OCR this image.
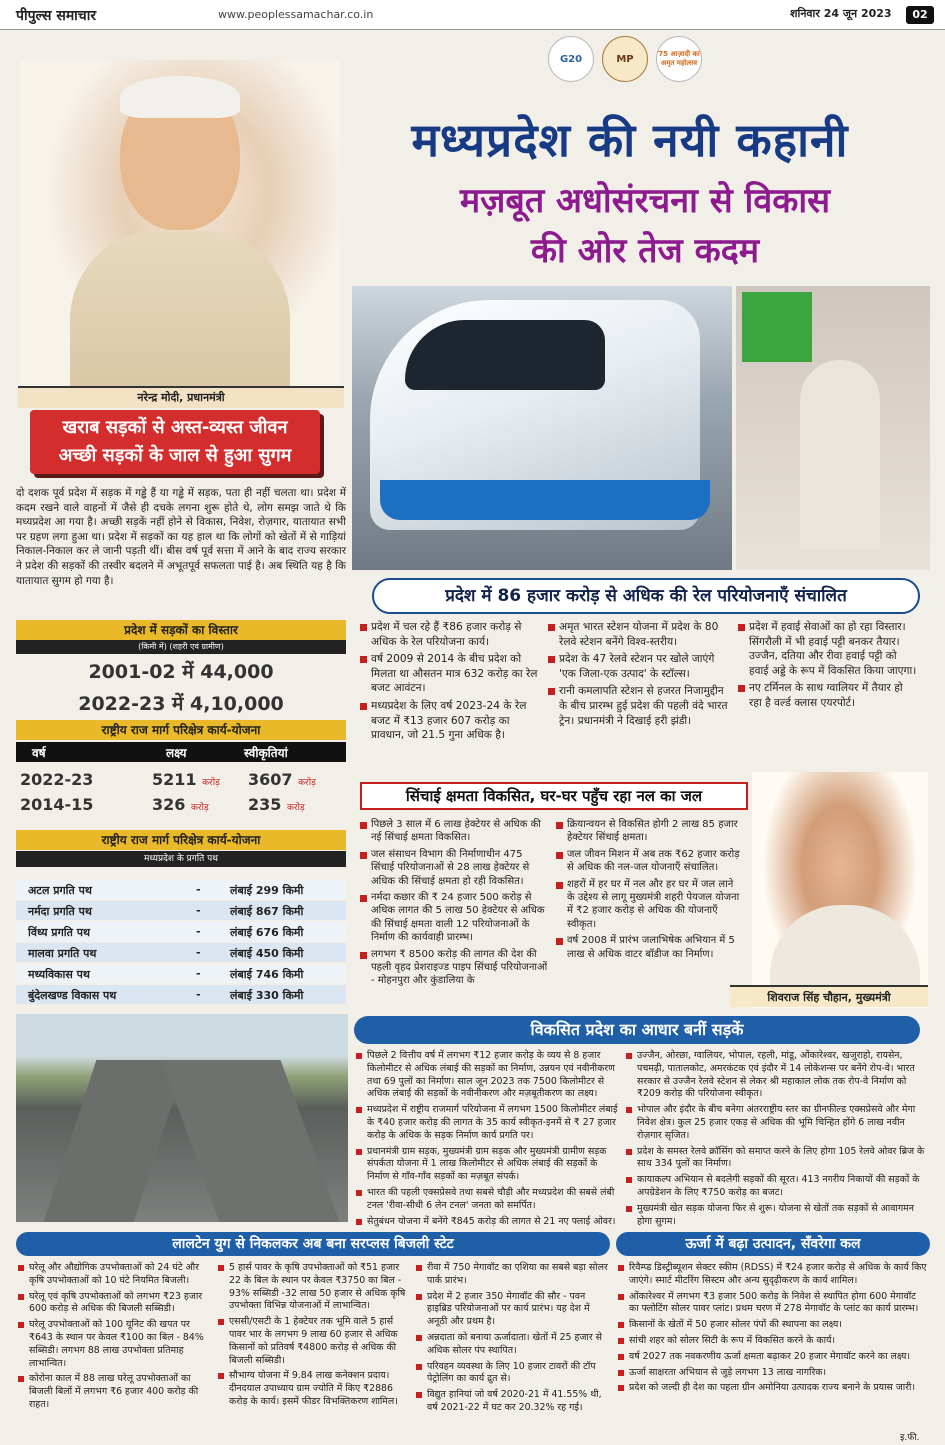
पीपुल्स समाचार	www.peoplessamachar.co.in	शनिवार 24 जून 2023	02
G20	MP	75 आज़ादी का अमृत महोत्सव
मध्यप्रदेश की नयी कहानी
मज़बूत अधोसंरचना से विकास
की ओर तेज कदम
नरेन्द्र मोदी, प्रधानमंत्री
खराब सड़कों से अस्त-व्यस्त जीवन
अच्छी सड़कों के जाल से हुआ सुगम
दो दशक पूर्व प्रदेश में सड़क में गड्ढे हैं या गड्ढे में सड़क, पता ही नहीं चलता था। प्रदेश में कदम रखने वाले वाहनों में जैसे ही दचके लगना शुरू होते थे, लोग समझ जाते थे कि मध्यप्रदेश आ गया है। अच्छी सड़कें नहीं होने से विकास, निवेश, रोज़गार, यातायात सभी पर ग्रहण लगा हुआ था। प्रदेश में सड़कों का यह हाल था कि लोगों को खेतों में से गाड़ियां निकाल-निकाल कर ले जानी पड़ती थीं। बीस वर्ष पूर्व सत्ता में आने के बाद राज्य सरकार ने प्रदेश की सड़कों की तस्वीर बदलने में अभूतपूर्व सफलता पाई है। अब स्थिति यह है कि यातायात सुगम हो गया है।
प्रदेश में 86 हजार करोड़ से अधिक की रेल परियोजनाएँ संचालित
प्रदेश में चल रहे हैं ₹86 हजार करोड़ से अधिक के रेल परियोजना कार्य।
वर्ष 2009 से 2014 के बीच प्रदेश को मिलता था औसतन मात्र 632 करोड़ का रेल बजट आवंटन।
मध्यप्रदेश के लिए वर्ष 2023-24 के रेल बजट में ₹13 हजार 607 करोड़ का प्रावधान, जो 21.5 गुना अधिक है।
अमृत भारत स्टेशन योजना में प्रदेश के 80 रेलवे स्टेशन बनेंगे विश्व-स्तरीय।
प्रदेश के 47 रेलवे स्टेशन पर खोले जाएंगे 'एक जिला-एक उत्पाद' के स्टॉल्स।
रानी कमलापति स्टेशन से हजरत निजामुद्दीन के बीच प्रारम्भ हुई प्रदेश की पहली वंदे भारत ट्रेन। प्रधानमंत्री ने दिखाई हरी झंडी।
प्रदेश में हवाई सेवाओं का हो रहा विस्तार। सिंगरौली में भी हवाई पट्टी बनकर तैयार। उज्जैन, दतिया और रीवा हवाई पट्टी को हवाई अड्डे के रूप में विकसित किया जाएगा।
नए टर्मिनल के साथ ग्वालियर में तैयार हो रहा है वर्ल्ड क्लास एयरपोर्ट।
प्रदेश में सड़कों का विस्तार
(किमी में) (शहरी एवं ग्रामीण)
2001-02 में 44,000
2022-23 में 4,10,000
राष्ट्रीय राज मार्ग परिक्षेत्र कार्य-योजना
वर्ष	लक्ष्य	स्वीकृतियां
2022-23	5211 करोड़ 3607 करोड़
2014-15	326 करोड़ 235 करोड़
राष्ट्रीय राज मार्ग परिक्षेत्र कार्य-योजना
मध्यप्रदेश के प्रगति पथ
अटल प्रगति पथ	-	लंबाई 299 किमी
नर्मदा प्रगति पथ	-	लंबाई 867 किमी
विंध्य प्रगति पथ	-	लंबाई 676 किमी
मालवा प्रगति पथ	-	लंबाई 450 किमी
मध्यविकास पथ	-	लंबाई 746 किमी
बुंदेलखण्ड विकास पथ	-	लंबाई 330 किमी
सिंचाई क्षमता विकसित, घर-घर पहुँच रहा नल का जल
पिछले 3 साल में 6 लाख हेक्टेयर से अधिक की नई सिंचाई क्षमता विकसित।
जल संसाधन विभाग की निर्माणाधीन 475 सिंचाई परियोजनाओं से 28 लाख हेक्टेयर से अधिक की सिंचाई क्षमता हो रही विकसित।
नर्मदा कछार की ₹ 24 हजार 500 करोड़ से अधिक लागत की 5 लाख 50 हेक्टेयर से अधिक की सिंचाई क्षमता वाली 12 परियोजनाओं के निर्माण की कार्यवाही प्रारम्भ।
लगभग ₹ 8500 करोड़ की लागत की देश की पहली वृहद प्रेशराइज्ड पाइप सिंचाई परियोजनाओं - मोहनपुरा और कुंडालिया के
क्रियान्वयन से विकसित होगी 2 लाख 85 हजार हेक्टेयर सिंचाई क्षमता।
जल जीवन मिशन में अब तक ₹62 हजार करोड़ से अधिक की नल-जल योजनाएँ संचालित।
शहरों में हर घर में नल और हर घर में जल लाने के उद्देश्य से लागू मुख्यमंत्री शहरी पेयजल योजना में ₹2 हजार करोड़ से अधिक की योजनाएँ स्वीकृत।
वर्ष 2008 में प्रारंभ जलाभिषेक अभियान में 5 लाख से अधिक वाटर बॉडीज का निर्माण।
शिवराज सिंह चौहान, मुख्यमंत्री
विकसित प्रदेश का आधार बनीं सड़कें
पिछले 2 वित्तीय वर्ष में लगभग ₹12 हजार करोड़ के व्यय से 8 हजार किलोमीटर से अधिक लंबाई की सड़कों का निर्माण, उन्नयन एवं नवीनीकरण तथा 69 पुलों का निर्माण। साल जून 2023 तक 7500 किलोमीटर से अधिक लंबाई की सड़कों के नवीनीकरण और मज़बूतीकरण का लक्ष्य।
मध्यप्रदेश में राष्ट्रीय राजमार्ग परियोजना में लगभग 1500 किलोमीटर लंबाई के ₹40 हजार करोड़ की लागत के 35 कार्य स्वीकृत-इनमें से ₹ 27 हजार करोड़ के अधिक के सड़क निर्माण कार्य प्रगति पर।
प्रधानमंत्री ग्राम सड़क, मुख्यमंत्री ग्राम सड़क और मुख्यमंत्री ग्रामीण सड़क संपर्कता योजना में 1 लाख किलोमीटर से अधिक लंबाई की सड़कों के निर्माण से गाँव-गाँव सड़कों का मज़बूत संपर्क।
भारत की पहली एक्सप्रेसवे तथा सबसे चौड़ी और मध्यप्रदेश की सबसे लंबी टनल 'रीवा-सीधी 6 लेन टनल' जनता को समर्पित।
सेतुबंधन योजना में बनेंगे ₹845 करोड़ की लागत से 21 नए फ्लाई ओवर।
उज्जैन, ओरछा, ग्वालियर, भोपाल, रहली, मांडू, ओंकारेश्वर, खजुराहो, रायसेन, पचमढ़ी, पातालकोट, अमरकंटक एवं इंदौर में 14 लोकेशन्स पर बनेंगे रोप-वे। भारत सरकार से उज्जैन रेलवे स्टेशन से लेकर श्री महाकाल लोक तक रोप-वे निर्माण को ₹209 करोड़ की परियोजना स्वीकृत।
भोपाल और इंदौर के बीच बनेगा अंतरराष्ट्रीय स्तर का ग्रीनफील्ड एक्सप्रेसवे और मेगा निवेश क्षेत्र। कुल 25 हजार एकड़ से अधिक की भूमि चिन्हित होंगे 6 लाख नवीन रोज़गार सृजित।
प्रदेश के समस्त रेलवे क्रॉसिंग को समाप्त करने के लिए होगा 105 रेलवे ओवर ब्रिज के साथ 334 पुलों का निर्माण।
कायाकल्प अभियान से बदलेगी सड़कों की सूरत। 413 नगरीय निकायों की सड़कों के अपग्रेडेशन के लिए ₹750 करोड़ का बजट।
मुख्यमंत्री खेत सड़क योजना फिर से शुरू। योजना से खेतों तक सड़कों से आवागमन होगा सुगम।
लालटेन युग से निकलकर अब बना सरप्लस बिजली स्टेट
घरेलू और औद्योगिक उपभोक्ताओं को 24 घंटे और कृषि उपभोक्ताओं को 10 घंटे नियमित बिजली।
घरेलू एवं कृषि उपभोक्ताओं को लगभग ₹23 हजार 600 करोड़ से अधिक की बिजली सब्सिडी।
घरेलू उपभोक्ताओं को 100 यूनिट की खपत पर ₹643 के स्थान पर केवल ₹100 का बिल - 84% सब्सिडी। लगभग 88 लाख उपभोक्ता प्रतिमाह लाभान्वित।
कोरोना काल में 88 लाख घरेलू उपभोक्ताओं का बिजली बिलों में लगभग ₹6 हजार 400 करोड़ की राहत।
5 हार्स पावर के कृषि उपभोक्ताओं को ₹51 हजार 22 के बिल के स्थान पर केवल ₹3750 का बिल - 93% सब्सिडी -32 लाख 50 हजार से अधिक कृषि उपभोक्ता विभिन्न योजनाओं में लाभान्वित।
एससी/एसटी के 1 हेक्टेयर तक भूमि वाले 5 हार्स पावर भार के लगभग 9 लाख 60 हजार से अधिक किसानों को प्रतिवर्ष ₹4800 करोड़ से अधिक की बिजली सब्सिडी।
सौभाग्य योजना में 9.84 लाख कनेक्शन प्रदाय। दीनदयाल उपाध्याय ग्राम ज्योति में किए ₹2886 करोड़ के कार्य। इसमें फीडर विभक्तिकरण शामिल।
रीवा में 750 मेगावॉट का एशिया का सबसे बड़ा सोलर पार्क प्रारंभ।
प्रदेश में 2 हजार 350 मेगावॉट की सौर - पवन हाइब्रिड परियोजनाओं पर कार्य प्रारंभ। यह देश में अनूठी और प्रथम है।
अन्नदाता को बनाया ऊर्जादाता। खेतों में 25 हजार से अधिक सोलर पंप स्थापित।
परिवहन व्यवस्था के लिए 10 हजार टावरों की टॉप पेट्रोलिंग का कार्य द्रुत से।
विद्युत हानियां जो वर्ष 2020-21 में 41.55% थी, वर्ष 2021-22 में घट कर 20.32% रह गई।
ऊर्जा में बढ़ा उत्पादन, सँवरेगा कल
रिवैम्प्ड डिस्ट्रीब्यूशन सेक्टर स्कीम (RDSS) में ₹24 हजार करोड़ से अधिक के कार्य किए जाएंगे। स्मार्ट मीटरिंग सिस्टम और अन्य सुदृढ़ीकरण के कार्य शामिल।
ओंकारेश्वर में लगभग ₹3 हजार 500 करोड़ के निवेश से स्थापित होगा 600 मेगावॉट का फ्लोटिंग सोलर पावर प्लांट। प्रथम चरण में 278 मेगावॉट के प्लांट का कार्य प्रारम्भ।
किसानों के खेतों में 50 हजार सोलर पंपों की स्थापना का लक्ष्य।
सांची शहर को सोलर सिटी के रूप में विकसित करने के कार्य।
वर्ष 2027 तक नवकरणीय ऊर्जा क्षमता बढ़ाकर 20 हजार मेगावॉट करने का लक्ष्य।
ऊर्जा साक्षरता अभियान से जुड़े लगभग 13 लाख नागरिक।
प्रदेश को जल्दी ही देश का पहला ग्रीन अमोनिया उत्पादक राज्य बनाने के प्रयास जारी।
इ.फी.
